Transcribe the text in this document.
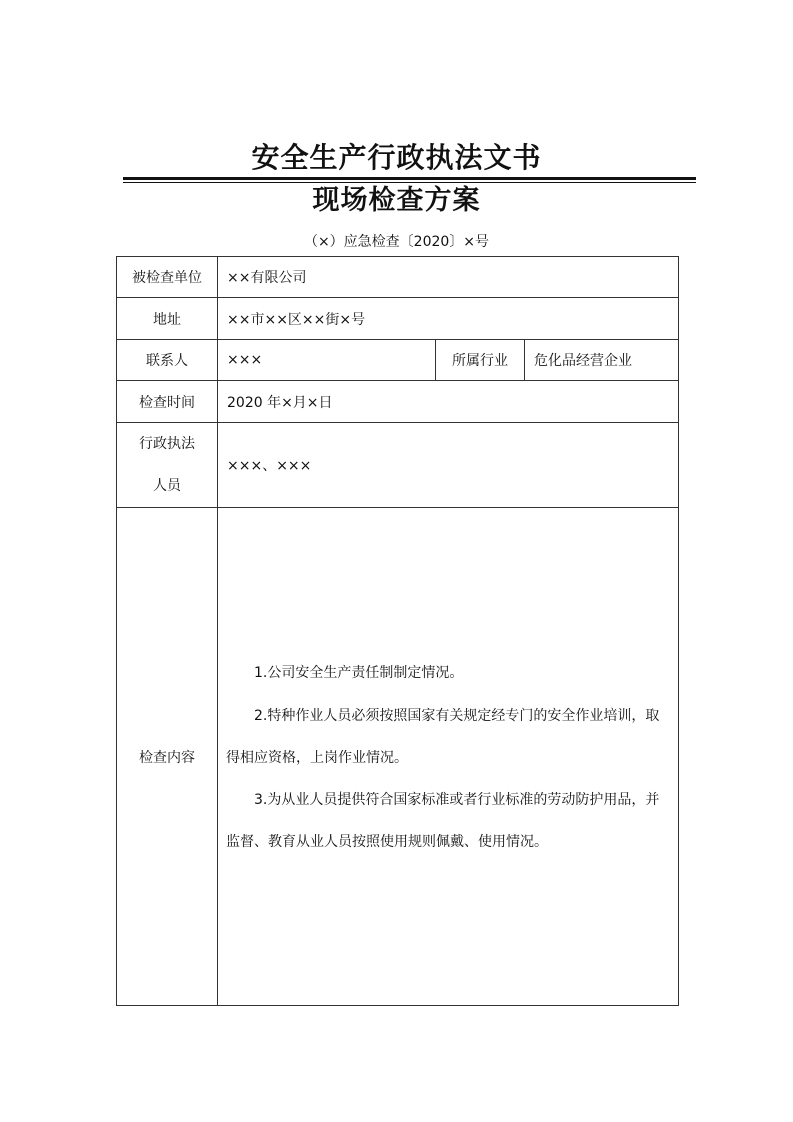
安全生产行政执法文书
现场检查方案
（×）应急检查〔2020〕×号
被检查单位	××有限公司		
地址	××市××区××街×号		
联系人	×××	所属行业	危化品经营企业
检查时间	2020 年×月×日		

行政执法
人员	×××、×××		
检查内容	1.公司安全生产责任制制定情况。

2.特种作业人员必须按照国家有关规定经专门的安全作业培训，取得相应资格，上岗作业情况。

3.为从业人员提供符合国家标准或者行业标准的劳动防护用品，并监督、教育从业人员按照使用规则佩戴、使用情况。		
